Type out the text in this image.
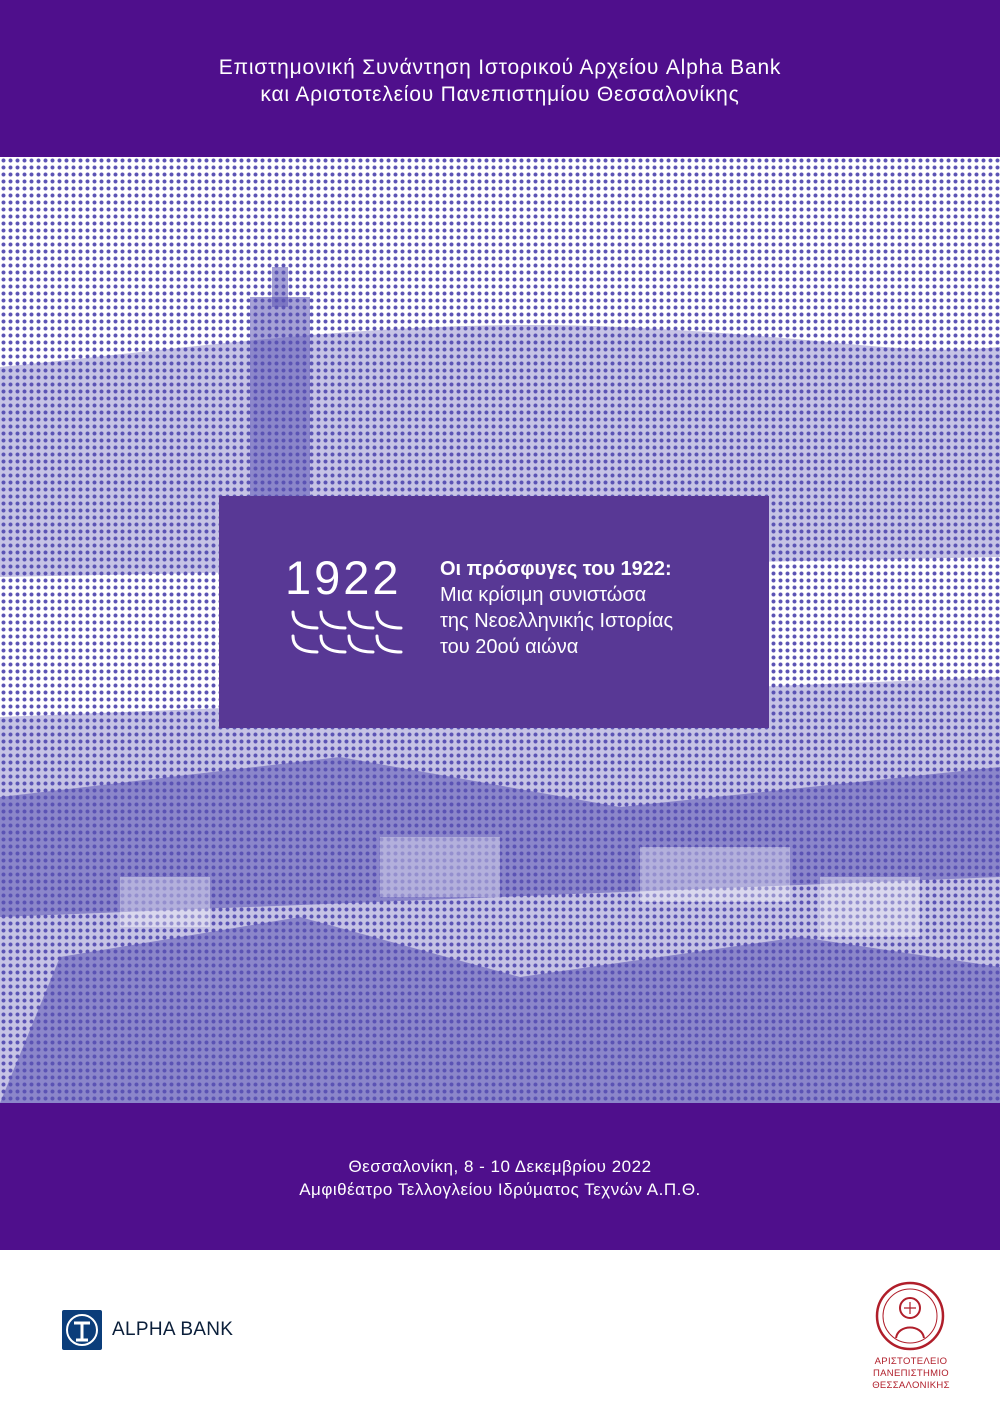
Επιστημονική Συνάντηση Ιστορικού Αρχείου Alpha Bank
και Αριστοτελείου Πανεπιστημίου Θεσσαλονίκης
1922 Οι πρόσφυγες του 1922:
Μια κρίσιμη συνιστώσα
της Νεοελληνικής Ιστορίας
του 20ού αιώνα
Θεσσαλονίκη, 8 - 10 Δεκεμβρίου 2022
Αμφιθέατρο Τελλογλείου Ιδρύματος Τεχνών Α.Π.Θ.
ALPHA BANK
ΑΡΙΣΤΟΤΕΛΕΙΟ
ΠΑΝΕΠΙΣΤΗΜΙΟ
ΘΕΣΣΑΛΟΝΙΚΗΣ
